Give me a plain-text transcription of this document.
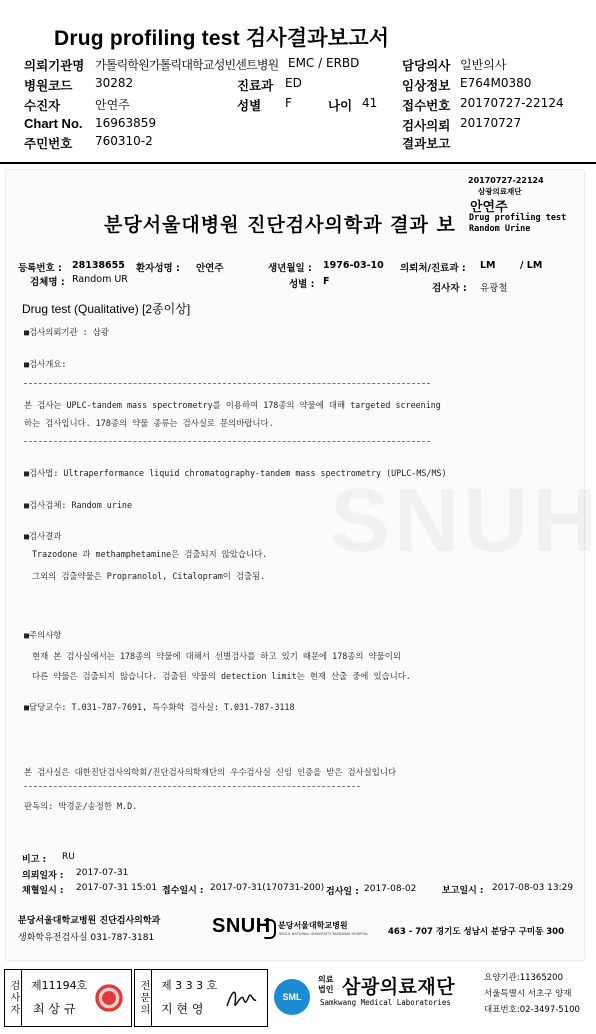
Drug profiling test 검사결과보고서
의뢰기관명 가톨릭학원가톨릭대학교성빈센트병원 EMC / ERBD	담당의사 일반의사
병원코드 30282	진료과 ED	임상정보 E764M0380
수진자	안연주	성별 F	나이 41 접수번호 20170727-22124
Chart No. 16963859	검사의뢰 20170727
주민번호 760310-2	결과보고
20170727-22124
삼광의료재단
안연주
Drug profiling test
Random Urine
분당서울대병원 진단검사의학과 결과 보
등록번호 : 28138655 환자성명 : 안연주	생년월일 : 1976-03-10 의뢰처/진료과 : LM	/ LM
검체명 : Random UR	성별 : F
검사자 : 유광철
Drug test (Qualitative) [2종이상]
■검사의뢰기관 : 삼광
■검사개요:
본 검사는 UPLC-tandem mass spectrometry를 이용하여 178종의 약물에 대해 targeted screening
하는 검사입니다. 178종의 약물 종류는 검사실로 문의바랍니다.
■검사법: Ultraperformance liquid chromatography-tandem mass spectrometry (UPLC-MS/MS)
■검사검체: Random urine
■검사결과
Trazodone 과 methamphetamine은 검출되지 않았습니다.
그외의 검출약물은 Propranolol, Citalopram이 검출됨.
■주의사항
현재 본 검사실에서는 178종의 약물에 대해서 선별검사를 하고 있기 때문에 178종의 약물이외
다른 약물은 검출되지 않습니다. 검출된 약물의 detection limit는 현재 산출 중에 있습니다.
■담당교수: T.031-787-7691, 특수화학 검사실: T.031-787-3118
본 검사실은 대한진단검사의학회/진단검사의학재단의 우수검사실 신임 인증을 받은 검사실입니다
판독의: 박경운/송정한 M.D.
비고 : RU
의뢰일자 : 2017-07-31
채혈일시 : 2017-07-31 15:01 접수일시 : 2017-07-31(170731-200) 검사일 : 2017-08-02	보고일시 : 2017-08-03 13:29
분당서울대학교병원 진단검사의학과
생화학유전검사실 031-787-3181
SNUH 분당서울대학교병원
SEOUL NATIONAL UNIVERSITY BUNDANG HOSPITAL 463 - 707 경기도 성남시 분당구 구미동 300
검사자 제11194호
최 상 규	전문의 제 3 3 3 호
지 현 영
SML
의료
법인 삼광의료재단
Samkwang Medical Laboratories
요양기관:11365200
서울특별시 서초구 양재
대표번호:02-3497-5100
